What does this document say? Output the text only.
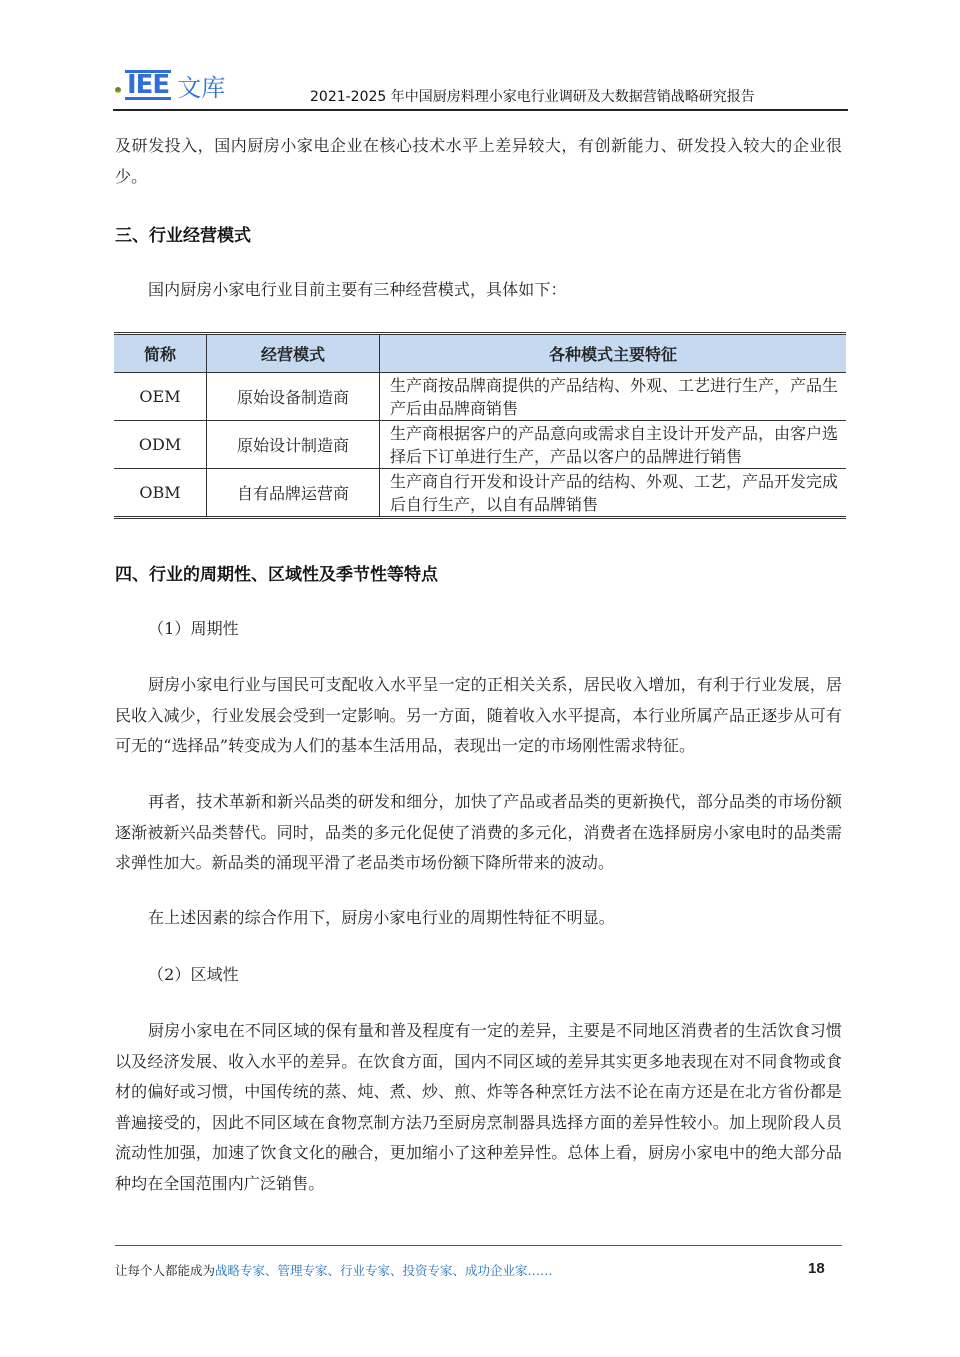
IEE 文库	2021-2025 年中国厨房料理小家电行业调研及大数据营销战略研究报告
及研发投入，国内厨房小家电企业在核心技术水平上差异较大，有创新能力、研发投入较大的企业很少。
三、行业经营模式
国内厨房小家电行业目前主要有三种经营模式，具体如下：
简称	经营模式	各种模式主要特征
OEM	原始设备制造商	生产商按品牌商提供的产品结构、外观、工艺进行生产，产品生产后由品牌商销售
ODM	原始设计制造商	生产商根据客户的产品意向或需求自主设计开发产品，由客户选择后下订单进行生产，产品以客户的品牌进行销售
OBM	自有品牌运营商	生产商自行开发和设计产品的结构、外观、工艺，产品开发完成后自行生产，以自有品牌销售
四、行业的周期性、区域性及季节性等特点
（1）周期性
厨房小家电行业与国民可支配收入水平呈一定的正相关关系，居民收入增加，有利于行业发展，居民收入减少，行业发展会受到一定影响。另一方面，随着收入水平提高，本行业所属产品正逐步从可有可无的“选择品”转变成为人们的基本生活用品，表现出一定的市场刚性需求特征。
再者，技术革新和新兴品类的研发和细分，加快了产品或者品类的更新换代，部分品类的市场份额逐渐被新兴品类替代。同时，品类的多元化促使了消费的多元化，消费者在选择厨房小家电时的品类需求弹性加大。新品类的涌现平滑了老品类市场份额下降所带来的波动。
在上述因素的综合作用下，厨房小家电行业的周期性特征不明显。
（2）区域性
厨房小家电在不同区域的保有量和普及程度有一定的差异，主要是不同地区消费者的生活饮食习惯以及经济发展、收入水平的差异。在饮食方面，国内不同区域的差异其实更多地表现在对不同食物或食材的偏好或习惯，中国传统的蒸、炖、煮、炒、煎、炸等各种烹饪方法不论在南方还是在北方省份都是普遍接受的，因此不同区域在食物烹制方法乃至厨房烹制器具选择方面的差异性较小。加上现阶段人员流动性加强，加速了饮食文化的融合，更加缩小了这种差异性。总体上看，厨房小家电中的绝大部分品种均在全国范围内广泛销售。
让每个人都能成为战略专家、管理专家、行业专家、投资专家、成功企业家……	18
